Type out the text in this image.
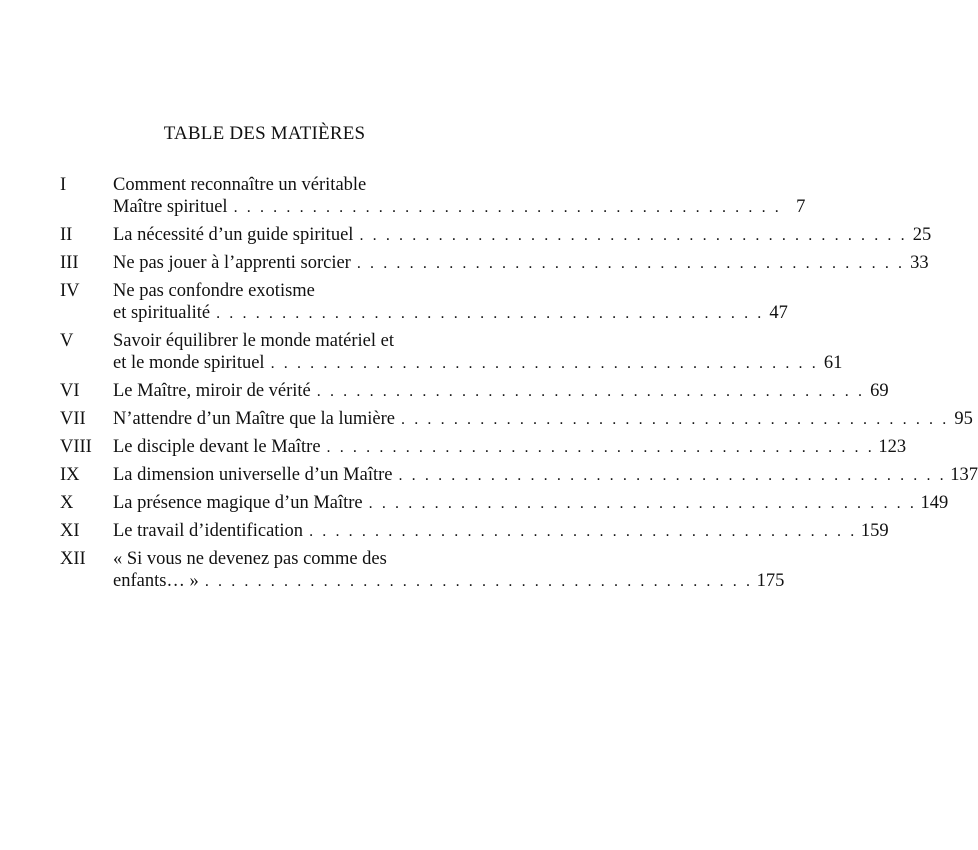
TABLE DES MATIÈRES
I	Comment reconnaître un véritable
Maître spirituel . . . . . . . . . . . . . . . . . . . . . . . . . . . . . . . . . . . . . . . . . . 7
II	La nécessité d’un guide spirituel . . . . . . . . . . . . . . . . . . . . . . . . . . . . . . . . . . . . . . . . . . 25
III	Ne pas jouer à l’apprenti sorcier . . . . . . . . . . . . . . . . . . . . . . . . . . . . . . . . . . . . . . . . . . 33
IV	Ne pas confondre exotisme
et spiritualité . . . . . . . . . . . . . . . . . . . . . . . . . . . . . . . . . . . . . . . . . . 47
V	Savoir équilibrer le monde matériel et
et le monde spirituel . . . . . . . . . . . . . . . . . . . . . . . . . . . . . . . . . . . . . . . . . . 61
VI	Le Maître, miroir de vérité . . . . . . . . . . . . . . . . . . . . . . . . . . . . . . . . . . . . . . . . . . 69
VII	N’attendre d’un Maître que la lumière . . . . . . . . . . . . . . . . . . . . . . . . . . . . . . . . . . . . . . . . . . 95
VIII	Le disciple devant le Maître . . . . . . . . . . . . . . . . . . . . . . . . . . . . . . . . . . . . . . . . . . 123
IX	La dimension universelle d’un Maître . . . . . . . . . . . . . . . . . . . . . . . . . . . . . . . . . . . . . . . . . . 137
X	La présence magique d’un Maître . . . . . . . . . . . . . . . . . . . . . . . . . . . . . . . . . . . . . . . . . . 149
XI	Le travail d’identification . . . . . . . . . . . . . . . . . . . . . . . . . . . . . . . . . . . . . . . . . . 159
XII	« Si vous ne devenez pas comme des
enfants… » . . . . . . . . . . . . . . . . . . . . . . . . . . . . . . . . . . . . . . . . . . 175
